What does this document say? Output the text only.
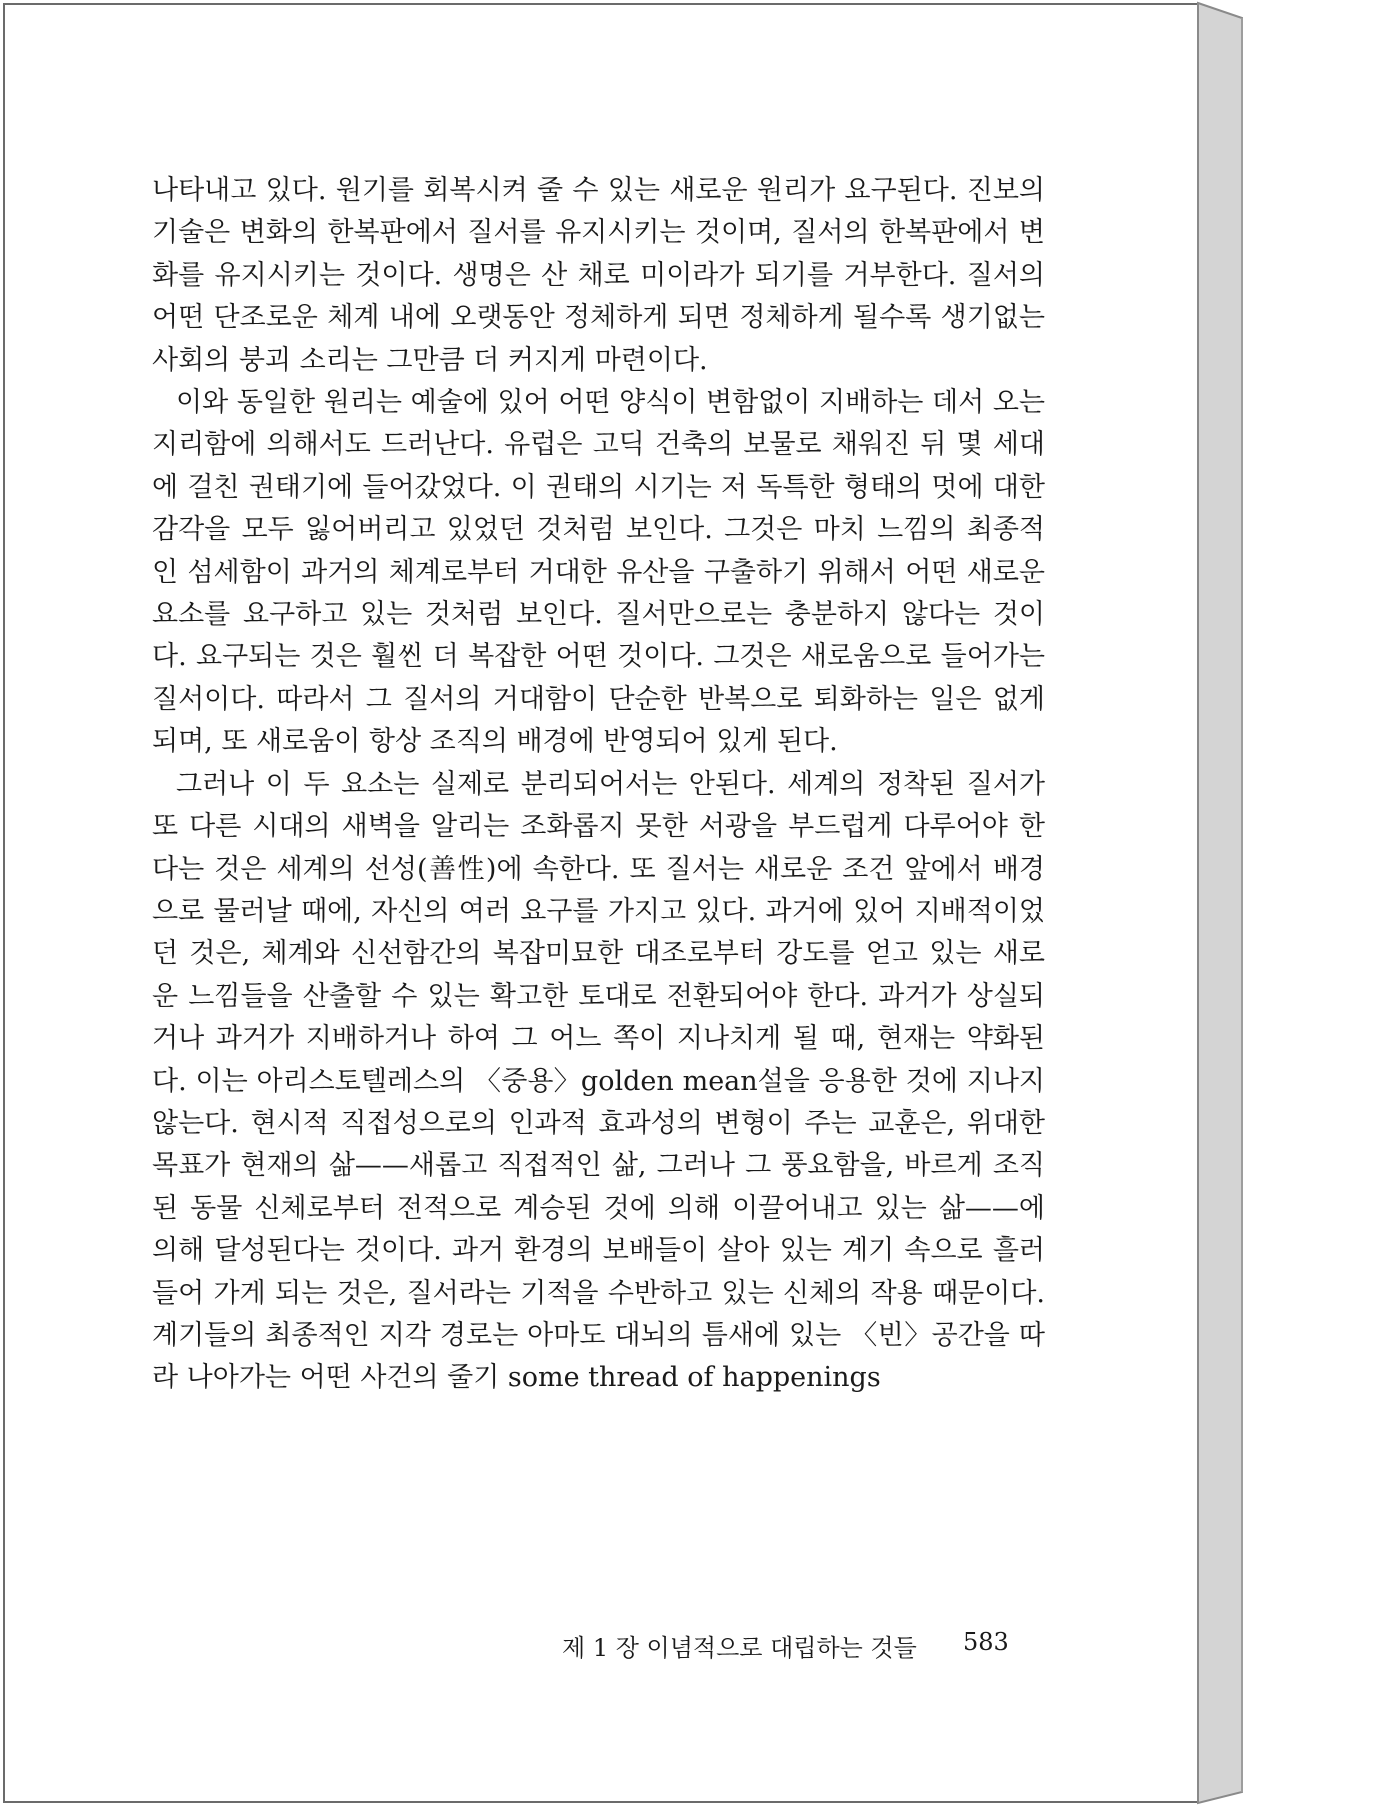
나타내고 있다. 원기를 회복시켜 줄 수 있는 새로운 원리가 요구된다. 진보의 기술은 변화의 한복판에서 질서를 유지시키는 것이며, 질서의 한복판에서 변화를 유지시키는 것이다. 생명은 산 채로 미이라가 되기를 거부한다. 질서의 어떤 단조로운 체계 내에 오랫동안 정체하게 되면 정체하게 될수록 생기없는 사회의 붕괴 소리는 그만큼 더 커지게 마련이다.

이와 동일한 원리는 예술에 있어 어떤 양식이 변함없이 지배하는 데서 오는 지리함에 의해서도 드러난다. 유럽은 고딕 건축의 보물로 채워진 뒤 몇 세대에 걸친 권태기에 들어갔었다. 이 권태의 시기는 저 독특한 형태의 멋에 대한 감각을 모두 잃어버리고 있었던 것처럼 보인다. 그것은 마치 느낌의 최종적인 섬세함이 과거의 체계로부터 거대한 유산을 구출하기 위해서 어떤 새로운 요소를 요구하고 있는 것처럼 보인다. 질서만으로는 충분하지 않다는 것이다. 요구되는 것은 훨씬 더 복잡한 어떤 것이다. 그것은 새로움으로 들어가는 질서이다. 따라서 그 질서의 거대함이 단순한 반복으로 퇴화하는 일은 없게 되며, 또 새로움이 항상 조직의 배경에 반영되어 있게 된다.

그러나 이 두 요소는 실제로 분리되어서는 안된다. 세계의 정착된 질서가 또 다른 시대의 새벽을 알리는 조화롭지 못한 서광을 부드럽게 다루어야 한다는 것은 세계의 선성(善性)에 속한다. 또 질서는 새로운 조건 앞에서 배경으로 물러날 때에, 자신의 여러 요구를 가지고 있다. 과거에 있어 지배적이었던 것은, 체계와 신선함간의 복잡미묘한 대조로부터 강도를 얻고 있는 새로운 느낌들을 산출할 수 있는 확고한 토대로 전환되어야 한다. 과거가 상실되거나 과거가 지배하거나 하여 그 어느 쪽이 지나치게 될 때, 현재는 약화된다. 이는 아리스토텔레스의 〈중용〉golden mean설을 응용한 것에 지나지 않는다. 현시적 직접성으로의 인과적 효과성의 변형이 주는 교훈은, 위대한 목표가 현재의 삶——새롭고 직접적인 삶, 그러나 그 풍요함을, 바르게 조직된 동물 신체로부터 전적으로 계승된 것에 의해 이끌어내고 있는 삶——에 의해 달성된다는 것이다. 과거 환경의 보배들이 살아 있는 계기 속으로 흘러들어 가게 되는 것은, 질서라는 기적을 수반하고 있는 신체의 작용 때문이다. 계기들의 최종적인 지각 경로는 아마도 대뇌의 틈새에 있는 〈빈〉공간을 따라 나아가는 어떤 사건의 줄기 some thread of happenings

제 1 장 이념적으로 대립하는 것들 583
